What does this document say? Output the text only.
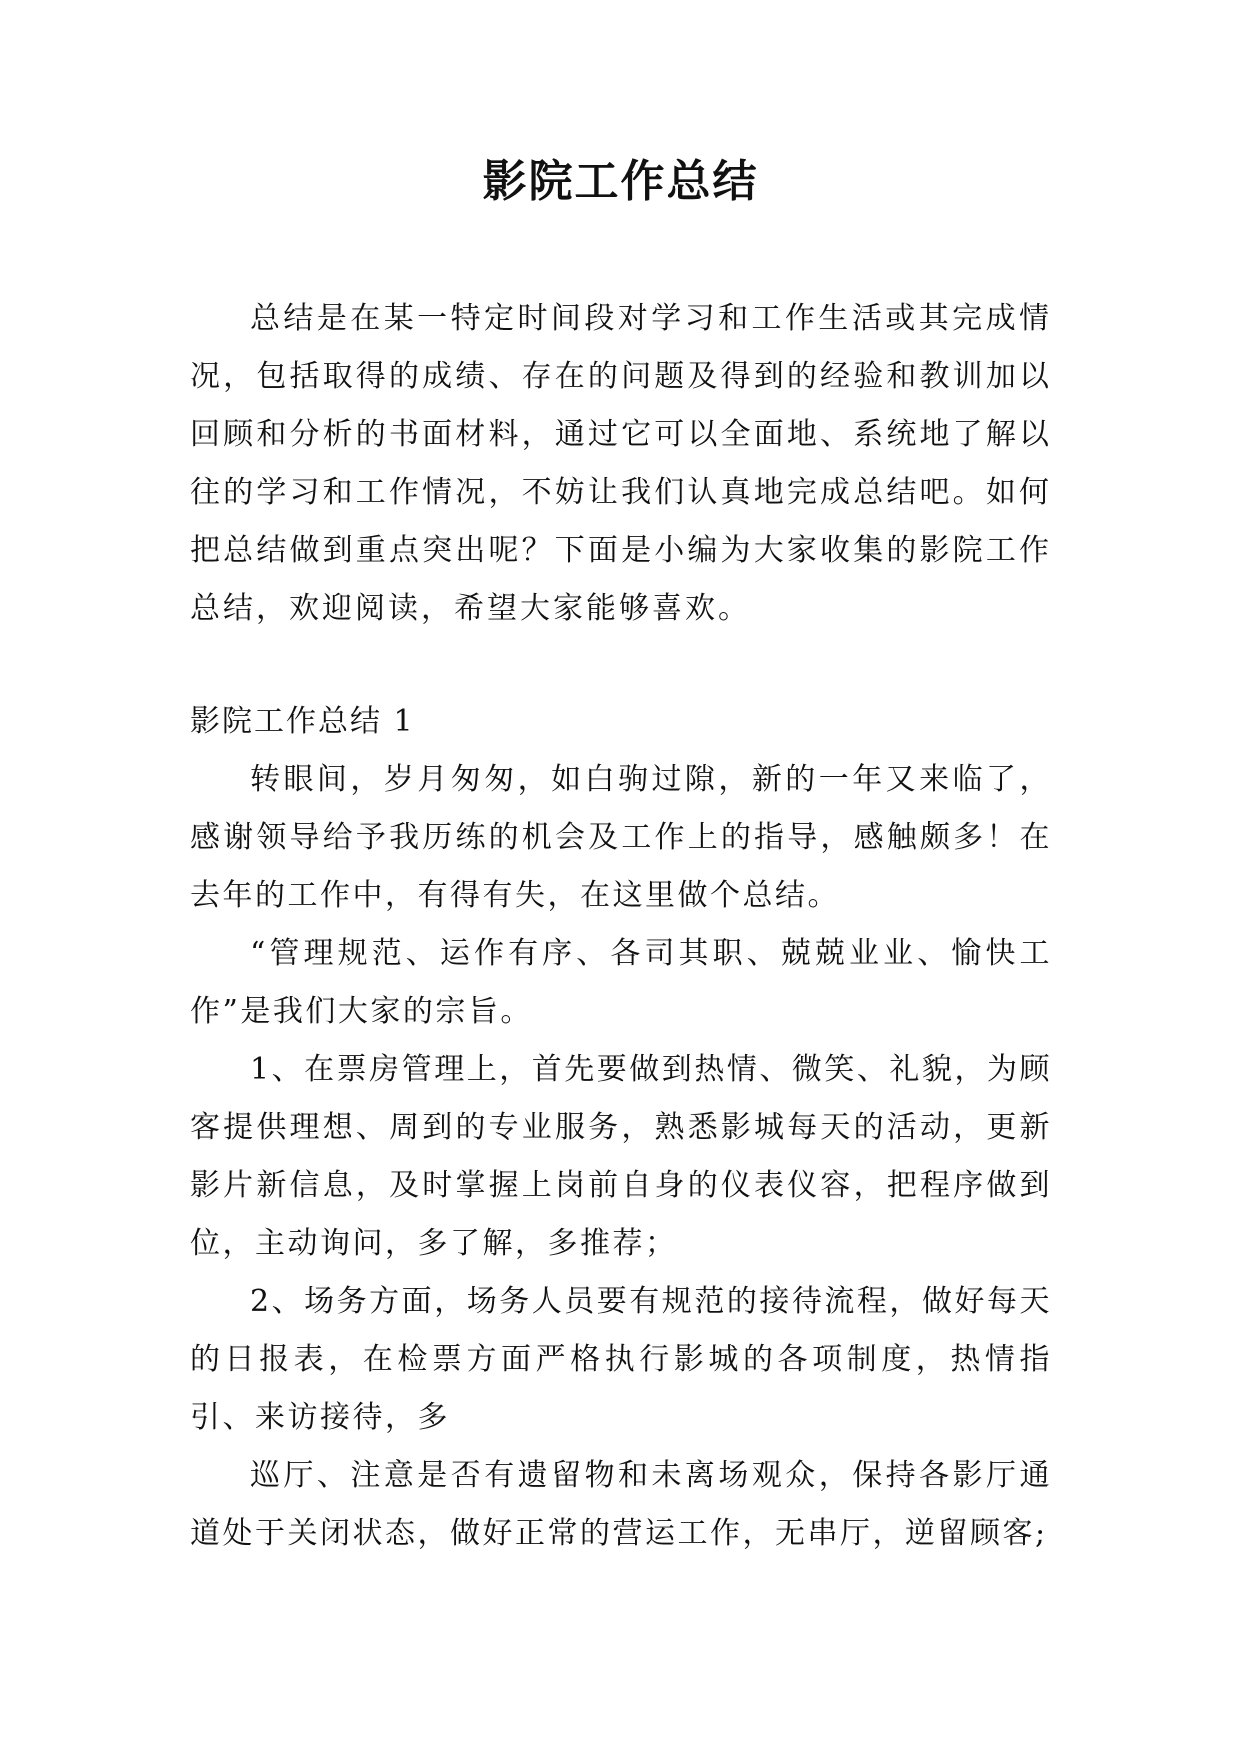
影院工作总结

总结是在某一特定时间段对学习和工作生活或其完成情况，包括取得的成绩、存在的问题及得到的经验和教训加以回顾和分析的书面材料，通过它可以全面地、系统地了解以往的学习和工作情况，不妨让我们认真地完成总结吧。如何把总结做到重点突出呢？下面是小编为大家收集的影院工作总结，欢迎阅读，希望大家能够喜欢。

影院工作总结 1

转眼间，岁月匆匆，如白驹过隙，新的一年又来临了，感谢领导给予我历练的机会及工作上的指导，感触颇多！在去年的工作中，有得有失，在这里做个总结。

“管理规范、运作有序、各司其职、兢兢业业、愉快工作”是我们大家的宗旨。

1、在票房管理上，首先要做到热情、微笑、礼貌，为顾客提供理想、周到的专业服务，熟悉影城每天的活动，更新影片新信息，及时掌握上岗前自身的仪表仪容，把程序做到位，主动询问，多了解，多推荐；

2、场务方面，场务人员要有规范的接待流程，做好每天的日报表，在检票方面严格执行影城的各项制度，热情指引、来访接待，多

巡厅、注意是否有遗留物和未离场观众，保持各影厅通道处于关闭状态，做好正常的营运工作，无串厅，逆留顾客;
